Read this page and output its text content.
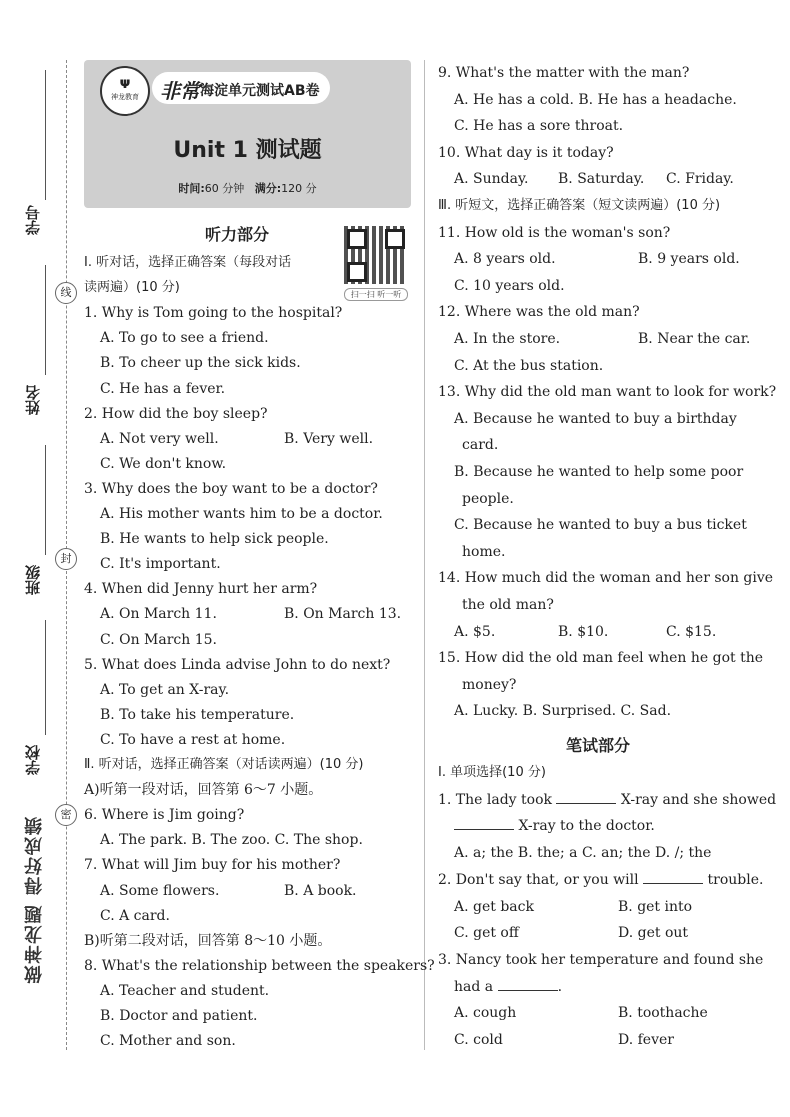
学号
姓名
班级
学校
线
封
密
做神龙题 得好成绩
ᴪ
神龙教育	非常 海淀单元测试AB卷
Unit 1 测试题
时间:60 分钟 满分:120 分
扫一扫 听一听
听力部分
笔试部分
Ⅰ. 听对话，选择正确答案（每段对话
读两遍）(10 分)
1. Why is Tom going to the hospital?
A. To go to see a friend.
B. To cheer up the sick kids.
C. He has a fever.
2. How did the boy sleep?
A. Not very well.	B. Very well.
C. We don't know.
3. Why does the boy want to be a doctor?
A. His mother wants him to be a doctor.
B. He wants to help sick people.
C. It's important.
4. When did Jenny hurt her arm?
A. On March 11.	B. On March 13.
C. On March 15.
5. What does Linda advise John to do next?
A. To get an X-ray.
B. To take his temperature.
C. To have a rest at home.
Ⅱ. 听对话，选择正确答案（对话读两遍）(10 分)
A)听第一段对话，回答第 6～7 小题。
6. Where is Jim going?
A. The park. B. The zoo. C. The shop.
7. What will Jim buy for his mother?
A. Some flowers.	B. A book.
C. A card.
B)听第二段对话，回答第 8～10 小题。
8. What's the relationship between the speakers?
A. Teacher and student.
B. Doctor and patient.
C. Mother and son.
9. What's the matter with the man?
A. He has a cold. B. He has a headache.
C. He has a sore throat.
10. What day is it today?
A. Sunday. B. Saturday. C. Friday.
Ⅲ. 听短文，选择正确答案（短文读两遍）(10 分)
11. How old is the woman's son?
A. 8 years old.	B. 9 years old.
C. 10 years old.
12. Where was the old man?
A. In the store.	B. Near the car.
C. At the bus station.
13. Why did the old man want to look for work?
A. Because he wanted to buy a birthday
card.
B. Because he wanted to help some poor
people.
C. Because he wanted to buy a bus ticket
home.
14. How much did the woman and her son give
the old man?
A. $5.	B. $10.	C. $15.
15. How did the old man feel when he got the
money?
A. Lucky. B. Surprised. C. Sad.
Ⅰ. 单项选择(10 分)
1. The lady took	X-ray and she showed
X-ray to the doctor.
A. a; the B. the; a C. an; the D. /; the
2. Don't say that, or you will	trouble.
A. get back	B. get into
C. get off	D. get out
3. Nancy took her temperature and found she
had a	.
A. cough	B. toothache
C. cold	D. fever
